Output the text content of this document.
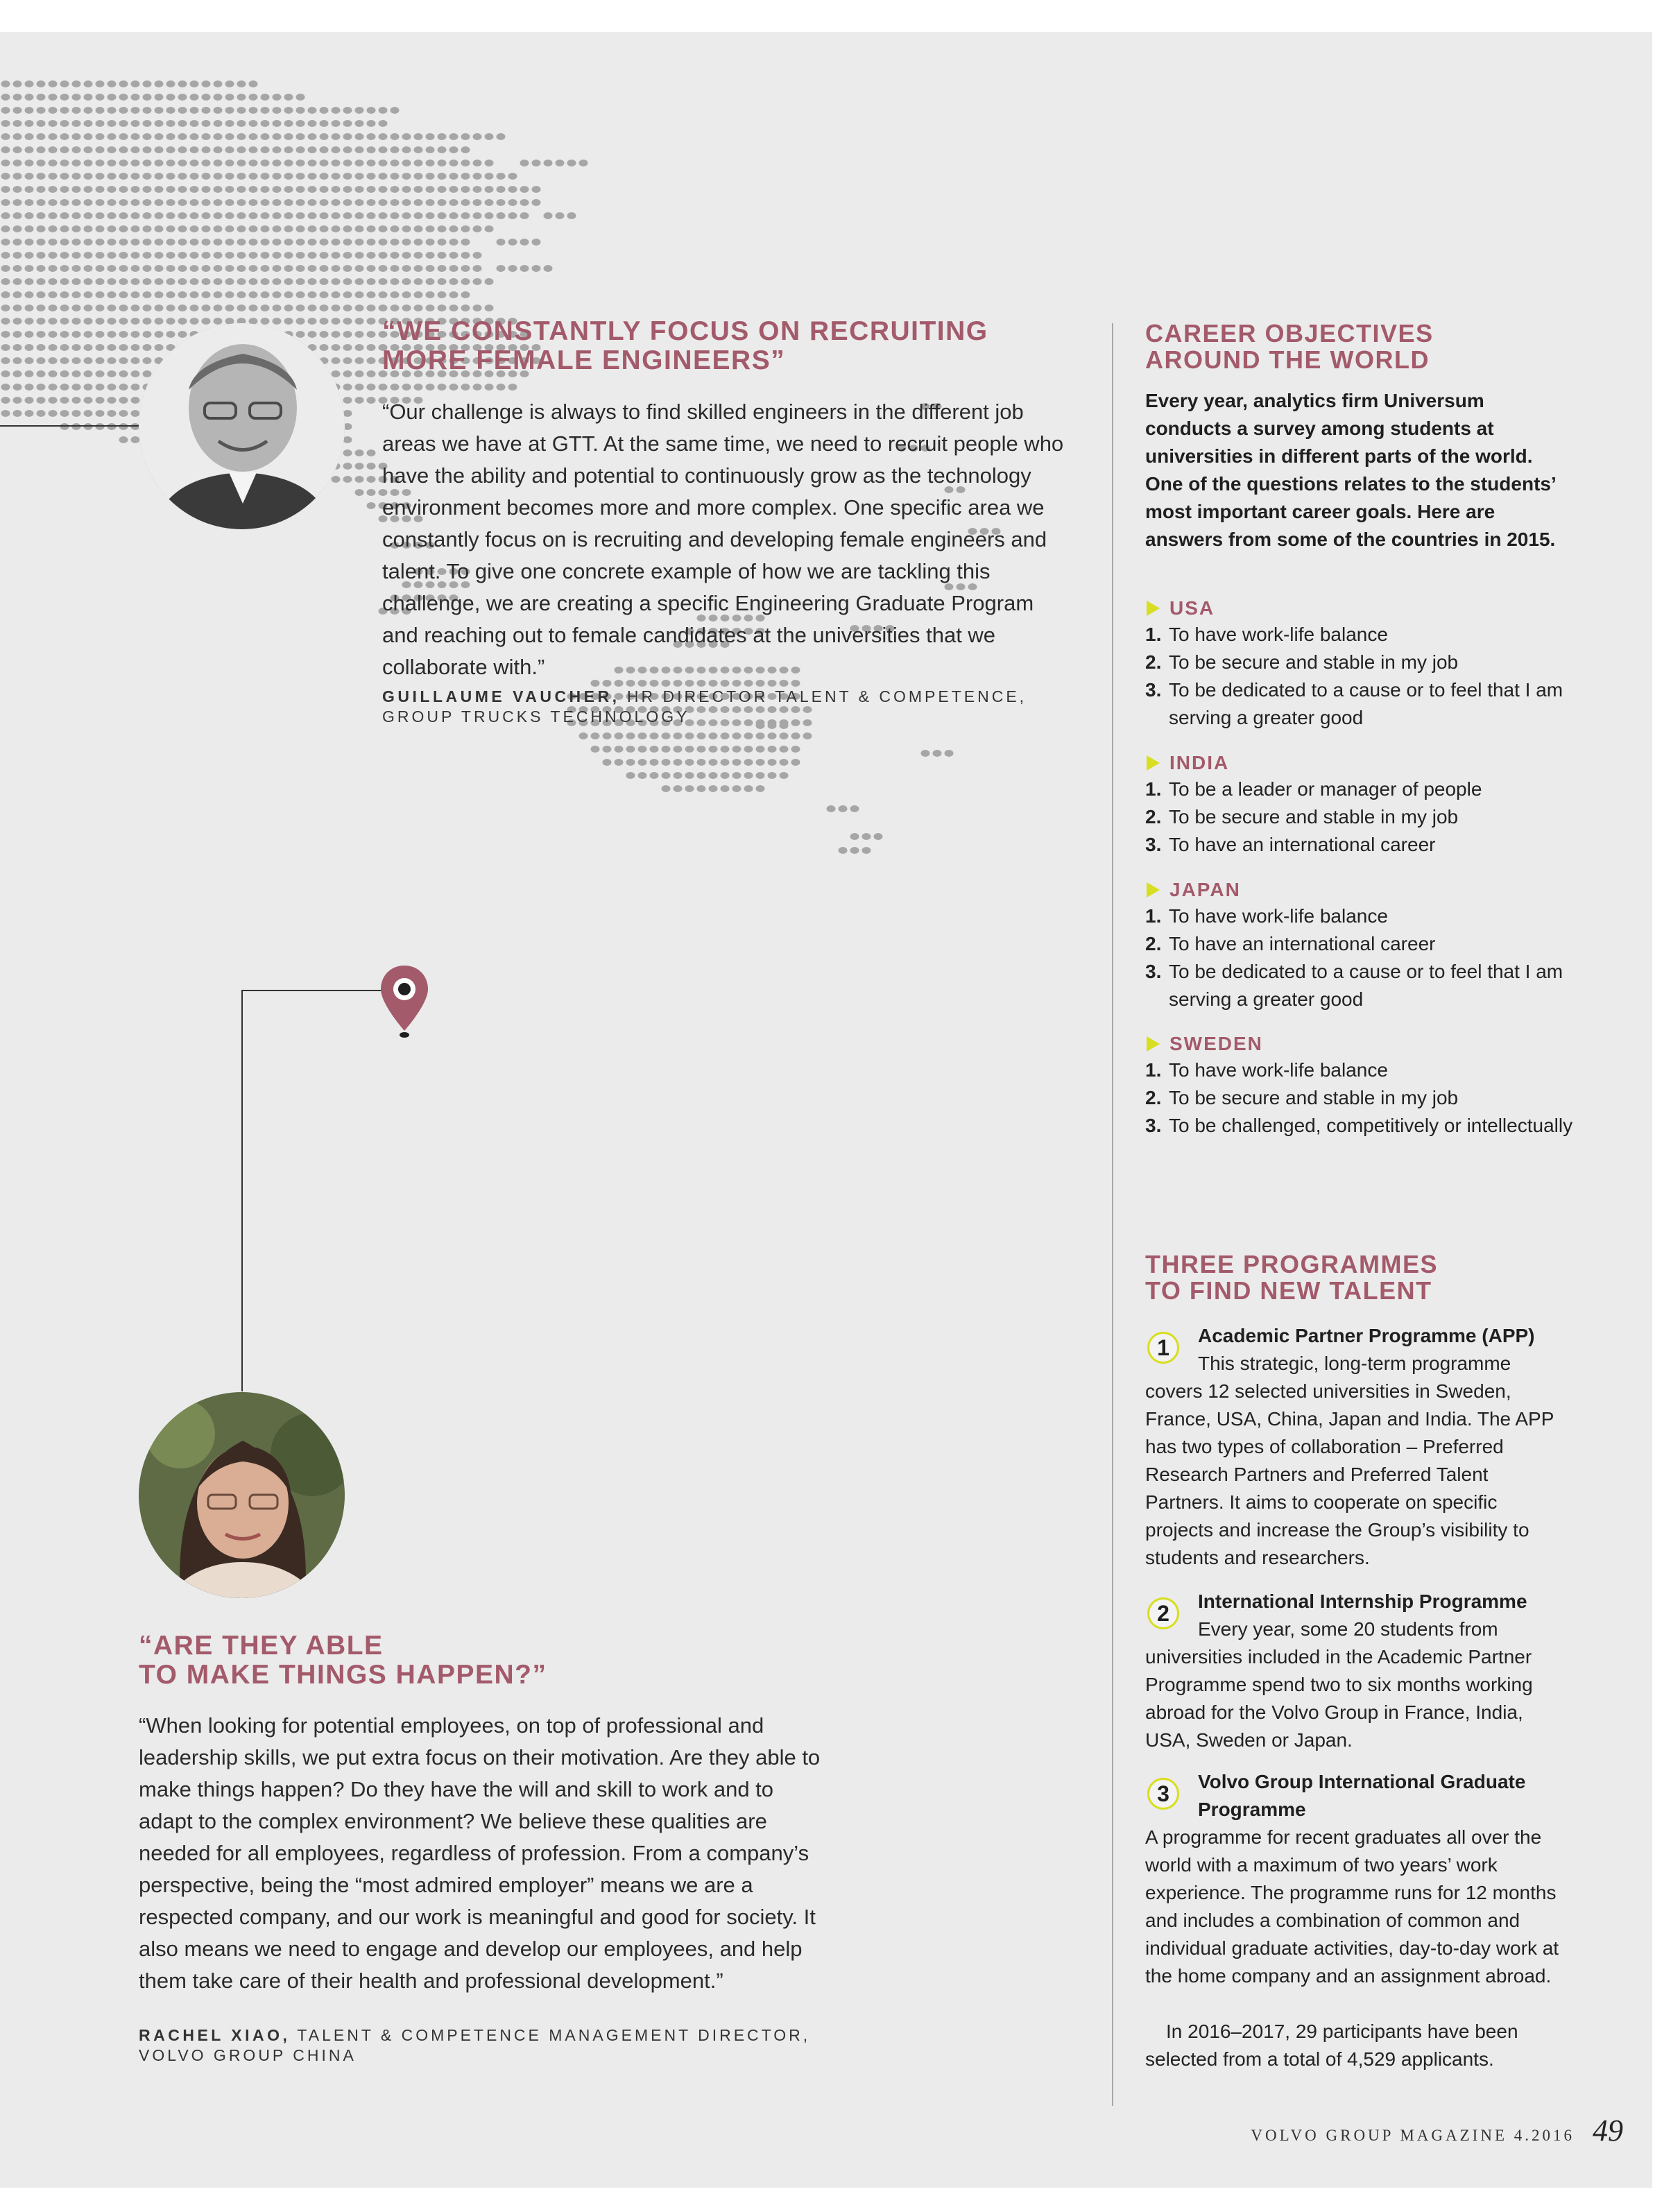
“WE CONSTANTLY FOCUS ON RECRUITING
MORE FEMALE ENGINEERS”

“Our challenge is always to find skilled engineers in the different job areas we have at GTT. At the same time, we need to recruit people who have the ability and potential to continuously grow as the technology environment becomes more and more complex. One specific area we constantly focus on is recruiting and developing female engineers and talent. To give one concrete example of how we are tackling this challenge, we are creating a specific Engineering Graduate Program and reaching out to female candidates at the universities that we collaborate with.”

GUILLAUME VAUCHER, HR DIRECTOR TALENT & COMPETENCE,
GROUP TRUCKS TECHNOLOGY

“ARE THEY ABLE
TO MAKE THINGS HAPPEN?”

“When looking for potential employees, on top of professional and leadership skills, we put extra focus on their motivation. Are they able to make things happen? Do they have the will and skill to work and to adapt to the complex environment? We believe these qualities are needed for all employees, regardless of profession. From a company’s perspective, being the “most admired employer” means we are a respected company, and our work is meaningful and good for society. It also means we need to engage and develop our employees, and help them take care of their health and professional development.”

RACHEL XIAO, TALENT & COMPETENCE MANAGEMENT DIRECTOR,
VOLVO GROUP CHINA

CAREER OBJECTIVES
AROUND THE WORLD

Every year, analytics firm Universum conducts a survey among students at universities in different parts of the world. One of the questions relates to the students’ most important career goals. Here are answers from some of the countries in 2015.

USA
1. To have work-life balance
2. To be secure and stable in my job
3. To be dedicated to a cause or to feel that I am serving a greater good
INDIA
1. To be a leader or manager of people
2. To be secure and stable in my job
3. To have an international career
JAPAN
1. To have work-life balance
2. To have an international career
3. To be dedicated to a cause or to feel that I am serving a greater good
SWEDEN
1. To have work-life balance
2. To be secure and stable in my job
3. To be challenged, competitively or intellectually
THREE PROGRAMMES
TO FIND NEW TALENT
1	Academic Partner Programme (APP)

This strategic, long-term programme covers 12 selected universities in Sweden, France, USA, China, Japan and India. The APP has two types of collaboration – Preferred Research Partners and Preferred Talent Partners. It aims to cooperate on specific projects and increase the Group’s visibility to students and researchers.

2	International Internship Programme

Every year, some 20 students from universities included in the Academic Partner Programme spend two to six months working abroad for the Volvo Group in France, India, USA, Sweden or Japan.

3	Volvo Group International Graduate Programme

A programme for recent graduates all over the world with a maximum of two years’ work experience. The programme runs for 12 months and includes a combination of common and individual graduate activities, day-to-day work at the home company and an assignment abroad.

In 2016–2017, 29 participants have been selected from a total of 4,529 applicants.

VOLVO GROUP MAGAZINE 4.2016 49
